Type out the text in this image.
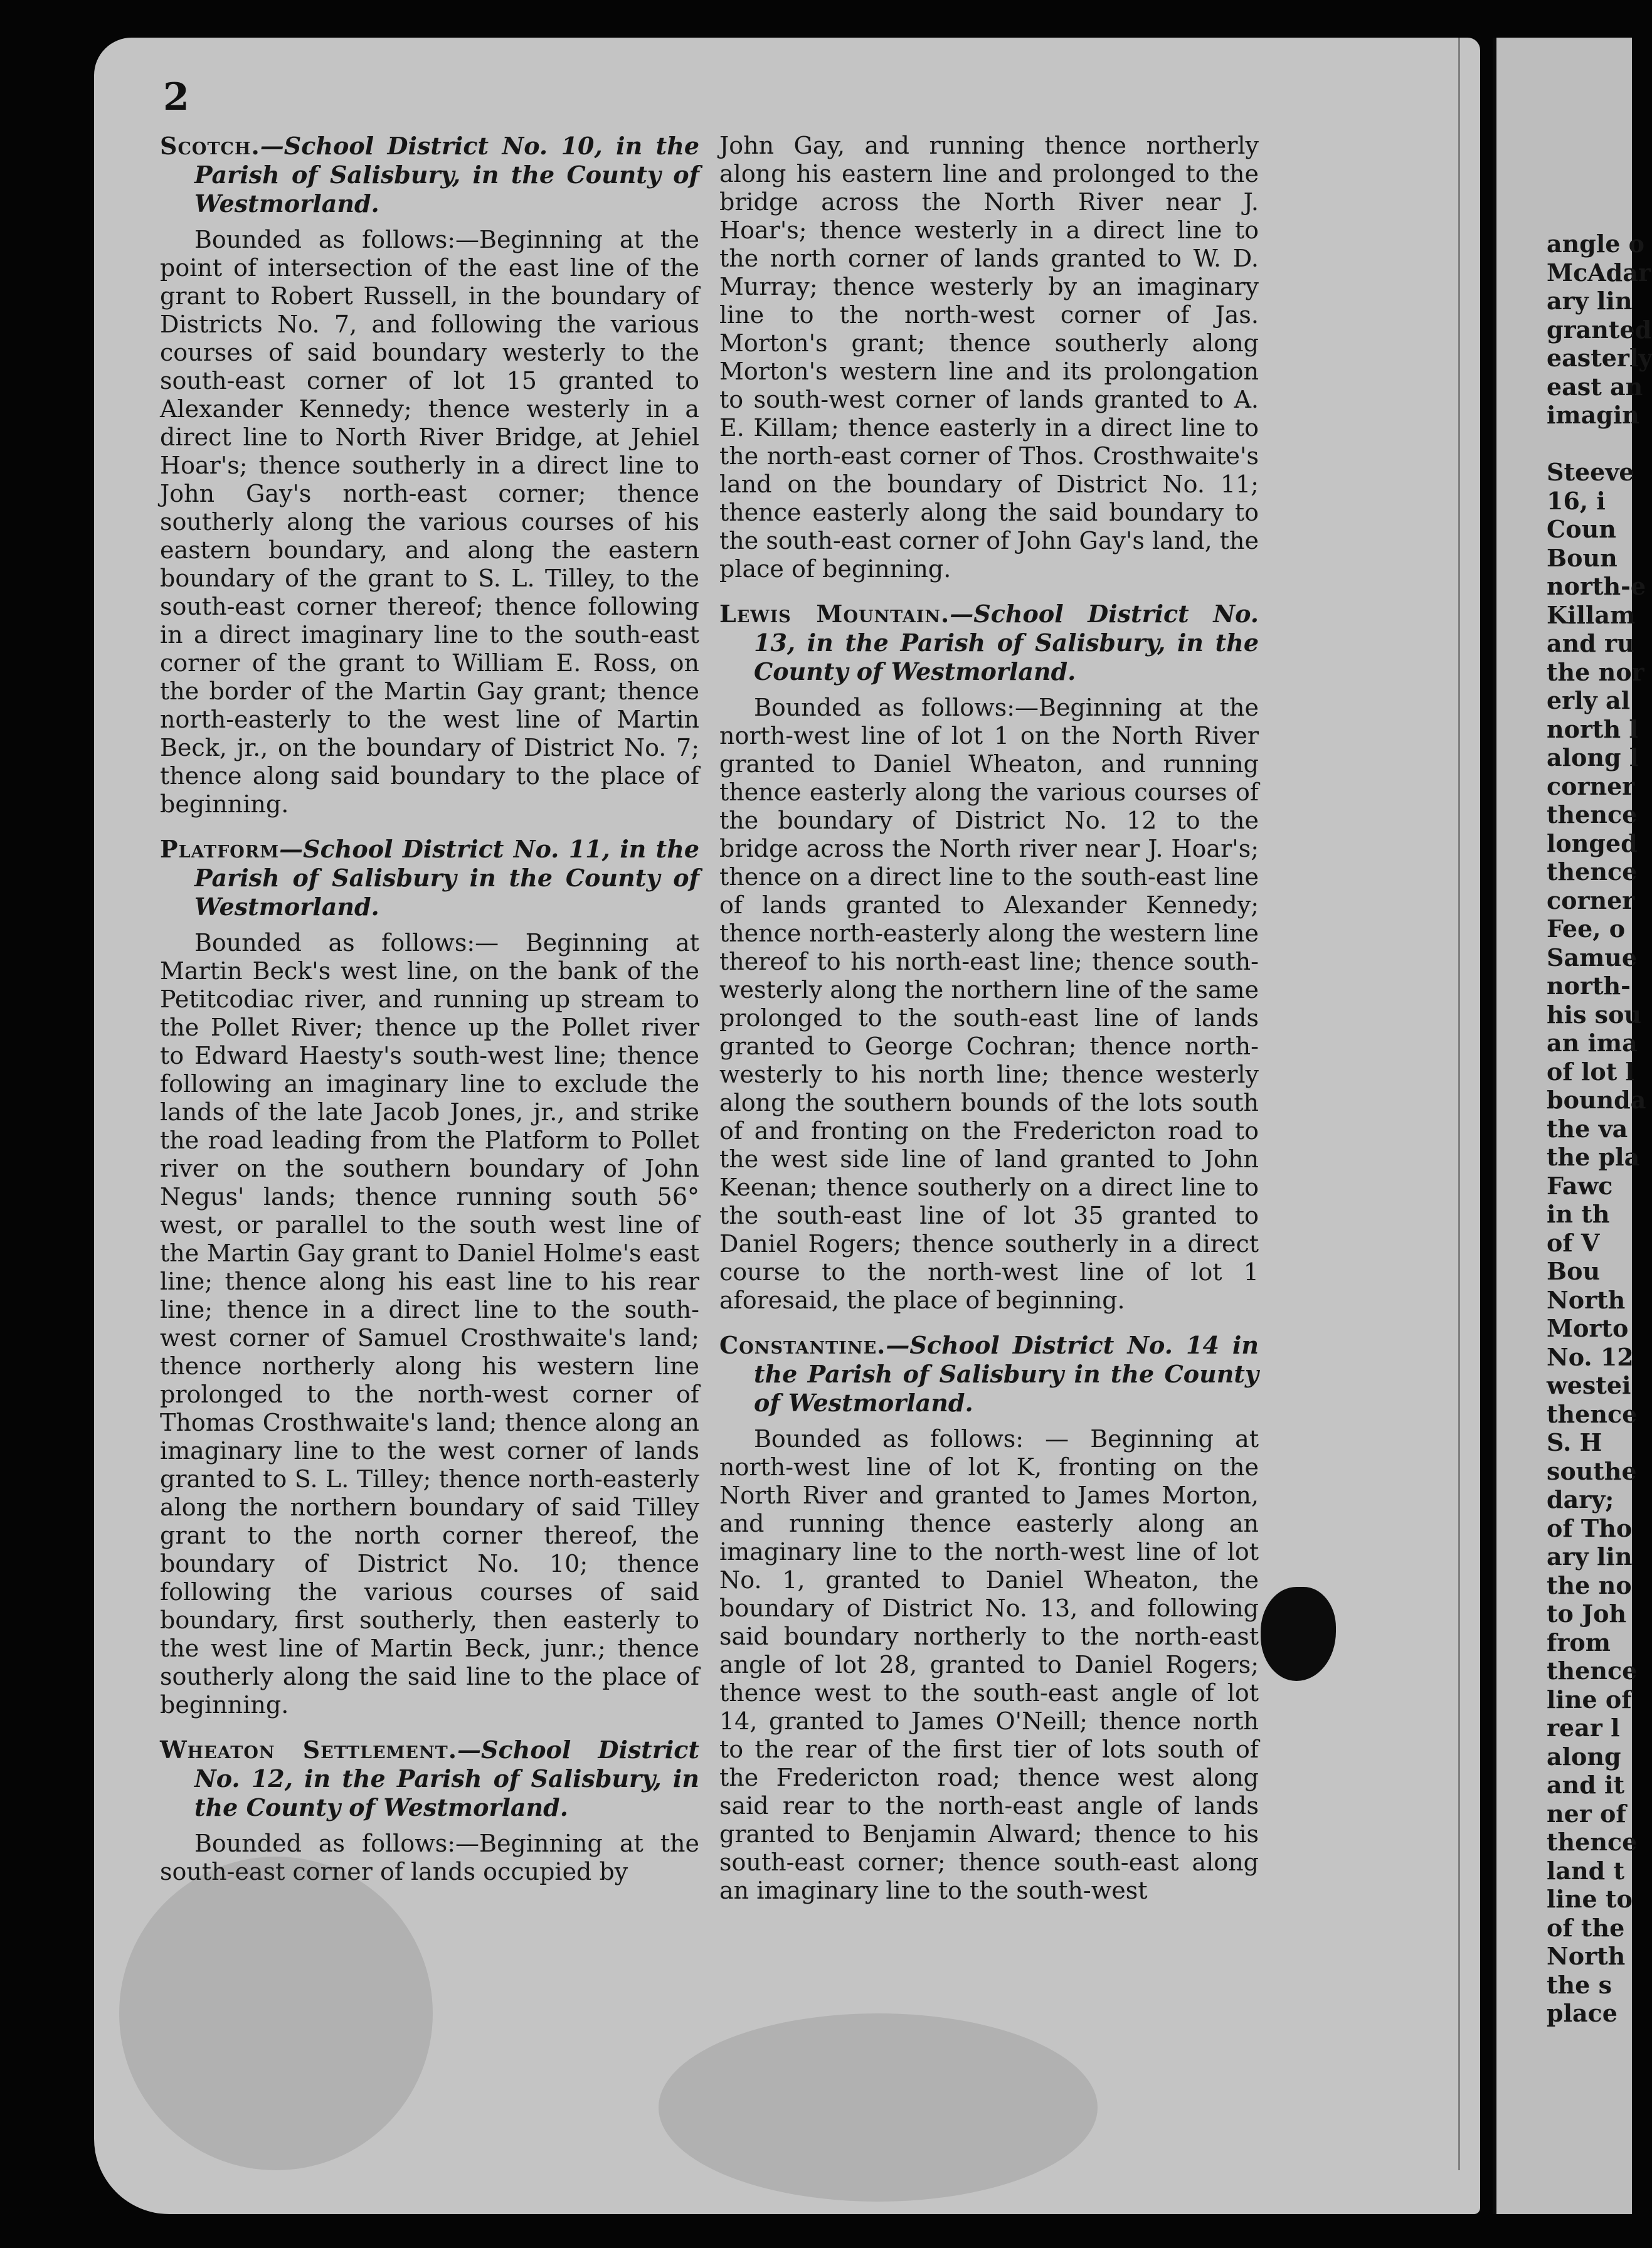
2
Scotch.—School District No. 10, in the Parish of Salisbury, in the County of Westmorland.
Bounded as follows:—Beginning at the point of intersection of the east line of the grant to Robert Russell, in the boundary of Districts No. 7, and following the various courses of said boundary westerly to the south-east corner of lot 15 granted to Alexander Kennedy; thence westerly in a direct line to North River Bridge, at Jehiel Hoar's; thence southerly in a direct line to John Gay's north-east corner; thence southerly along the various courses of his eastern boundary, and along the eastern boundary of the grant to S. L. Tilley, to the south-east corner thereof; thence following in a direct imaginary line to the south-east corner of the grant to William E. Ross, on the border of the Martin Gay grant; thence north-easterly to the west line of Martin Beck, jr., on the boundary of District No. 7; thence along said boundary to the place of beginning.
Platform—School District No. 11, in the Parish of Salisbury in the County of Westmorland.
Bounded as follows:— Beginning at Martin Beck's west line, on the bank of the Petitcodiac river, and running up stream to the Pollet River; thence up the Pollet river to Edward Haesty's south-west line; thence following an imaginary line to exclude the lands of the late Jacob Jones, jr., and strike the road leading from the Platform to Pollet river on the southern boundary of John Negus' lands; thence running south 56° west, or parallel to the south west line of the Martin Gay grant to Daniel Holme's east line; thence along his east line to his rear line; thence in a direct line to the south-west corner of Samuel Crosthwaite's land; thence northerly along his western line prolonged to the north-west corner of Thomas Crosthwaite's land; thence along an imaginary line to the west corner of lands granted to S. L. Tilley; thence north-easterly along the northern boundary of said Tilley grant to the north corner thereof, the boundary of District No. 10; thence following the various courses of said boundary, first southerly, then easterly to the west line of Martin Beck, junr.; thence southerly along the said line to the place of beginning.
Wheaton Settlement.—School District No. 12, in the Parish of Salisbury, in the County of Westmorland.
Bounded as follows:—Beginning at the south-east corner of lands occupied by
John Gay, and running thence northerly along his eastern line and prolonged to the bridge across the North River near J. Hoar's; thence westerly in a direct line to the north corner of lands granted to W. D. Murray; thence westerly by an imaginary line to the north-west corner of Jas. Morton's grant; thence southerly along Morton's western line and its prolongation to south-west corner of lands granted to A. E. Killam; thence easterly in a direct line to the north-east corner of Thos. Crosthwaite's land on the boundary of District No. 11; thence easterly along the said boundary to the south-east corner of John Gay's land, the place of beginning.
Lewis Mountain.—School District No. 13, in the Parish of Salisbury, in the County of Westmorland.
Bounded as follows:—Beginning at the north-west line of lot 1 on the North River granted to Daniel Wheaton, and running thence easterly along the various courses of the boundary of District No. 12 to the bridge across the North river near J. Hoar's; thence on a direct line to the south-east line of lands granted to Alexander Kennedy; thence north-easterly along the western line thereof to his north-east line; thence south-westerly along the northern line of the same prolonged to the south-east line of lands granted to George Cochran; thence north-westerly to his north line; thence westerly along the southern bounds of the lots south of and fronting on the Fredericton road to the west side line of land granted to John Keenan; thence southerly on a direct line to the south-east line of lot 35 granted to Daniel Rogers; thence southerly in a direct course to the north-west line of lot 1 aforesaid, the place of beginning.
Constantine.—School District No. 14 in the Parish of Salisbury in the County of Westmorland.
Bounded as follows: — Beginning at north-west line of lot K, fronting on the North River and granted to James Morton, and running thence easterly along an imaginary line to the north-west line of lot No. 1, granted to Daniel Wheaton, the boundary of District No. 13, and following said boundary northerly to the north-east angle of lot 28, granted to Daniel Rogers; thence west to the south-east angle of lot 14, granted to James O'Neill; thence north to the rear of the first tier of lots south of the Fredericton road; thence west along said rear to the north-east angle of lands granted to Benjamin Alward; thence to his south-east corner; thence south-east along an imaginary line to the south-west
angle o
McAdar
ary lin
granted
easterly
east an
imagin
Steeve
16, i
Coun
Boun
north-e
Killam
and ru
the nor
erly al
north l
along l
corner
thence
longed
thence
corner
Fee, o
Samue
north-
his sou
an ima
of lot l
bounda
the va
the pla
Fawc
in th
of V
Bou
North
Morto
No. 12
westei
thence
S. H
southe
dary;
of Tho
ary lin
the no
to Joh
from
thence
line of
rear l
along
and it
ner of
thence
land t
line to
of the
North
the s
place
